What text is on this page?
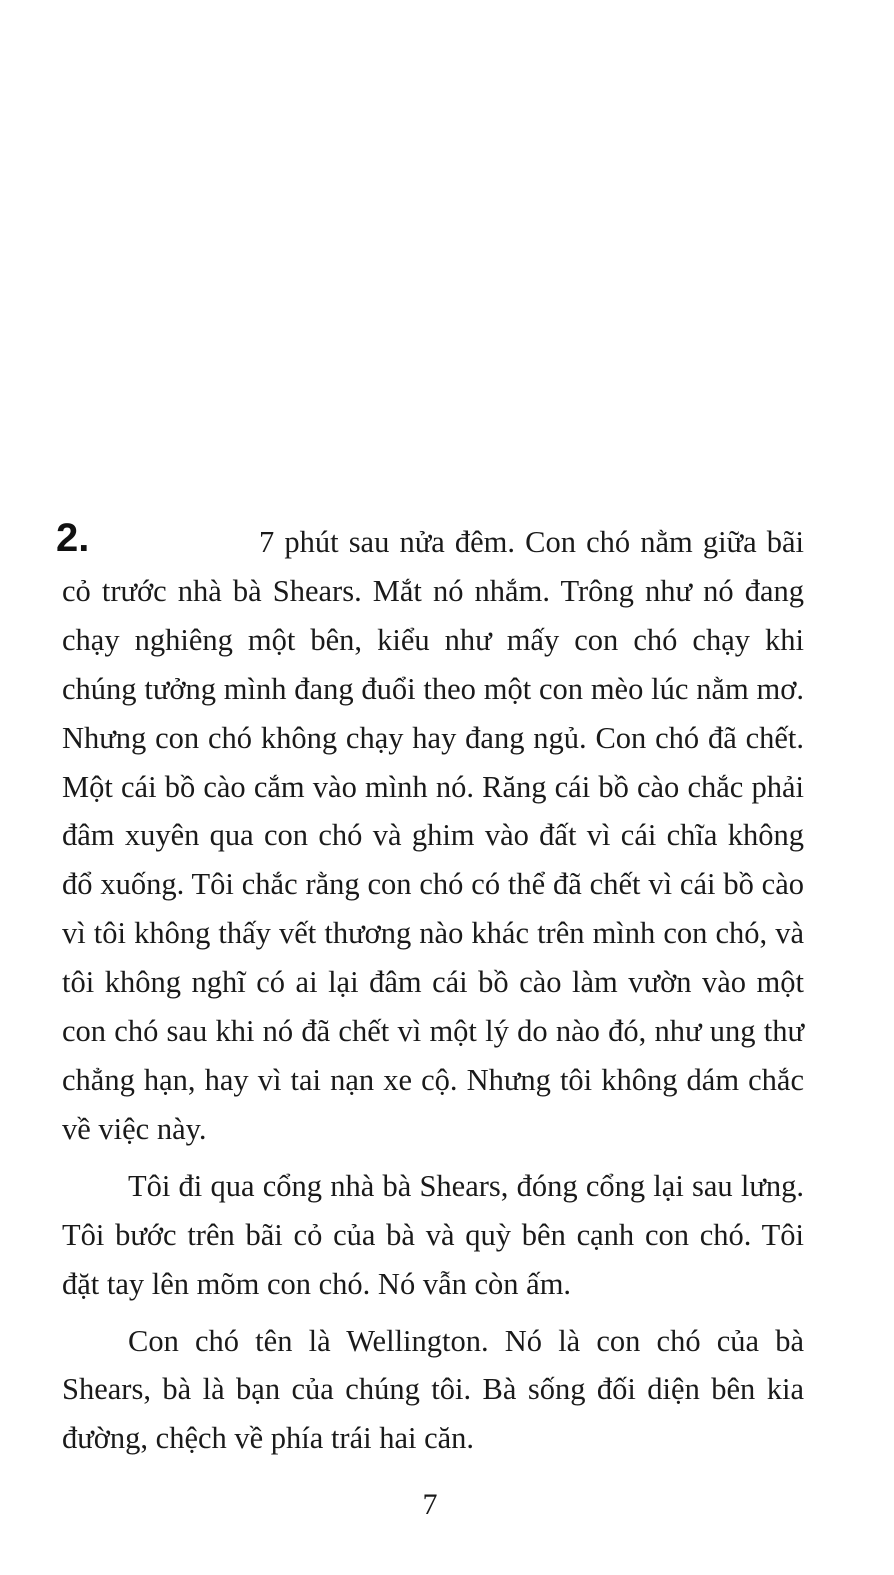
2.	7 phút sau nửa đêm. Con chó nằm giữa bãi cỏ trước nhà bà Shears. Mắt nó nhắm. Trông như nó đang chạy nghiêng một bên, kiểu như mấy con chó chạy khi chúng tưởng mình đang đuổi theo một con mèo lúc nằm mơ. Nhưng con chó không chạy hay đang ngủ. Con chó đã chết. Một cái bồ cào cắm vào mình nó. Răng cái bồ cào chắc phải đâm xuyên qua con chó và ghim vào đất vì cái chĩa không đổ xuống. Tôi chắc rằng con chó có thể đã chết vì cái bồ cào vì tôi không thấy vết thương nào khác trên mình con chó, và tôi không nghĩ có ai lại đâm cái bồ cào làm vườn vào một con chó sau khi nó đã chết vì một lý do nào đó, như ung thư chẳng hạn, hay vì tai nạn xe cộ. Nhưng tôi không dám chắc về việc này.

Tôi đi qua cổng nhà bà Shears, đóng cổng lại sau lưng. Tôi bước trên bãi cỏ của bà và quỳ bên cạnh con chó. Tôi đặt tay lên mõm con chó. Nó vẫn còn ấm.

Con chó tên là Wellington. Nó là con chó của bà Shears, bà là bạn của chúng tôi. Bà sống đối diện bên kia đường, chệch về phía trái hai căn.

7
